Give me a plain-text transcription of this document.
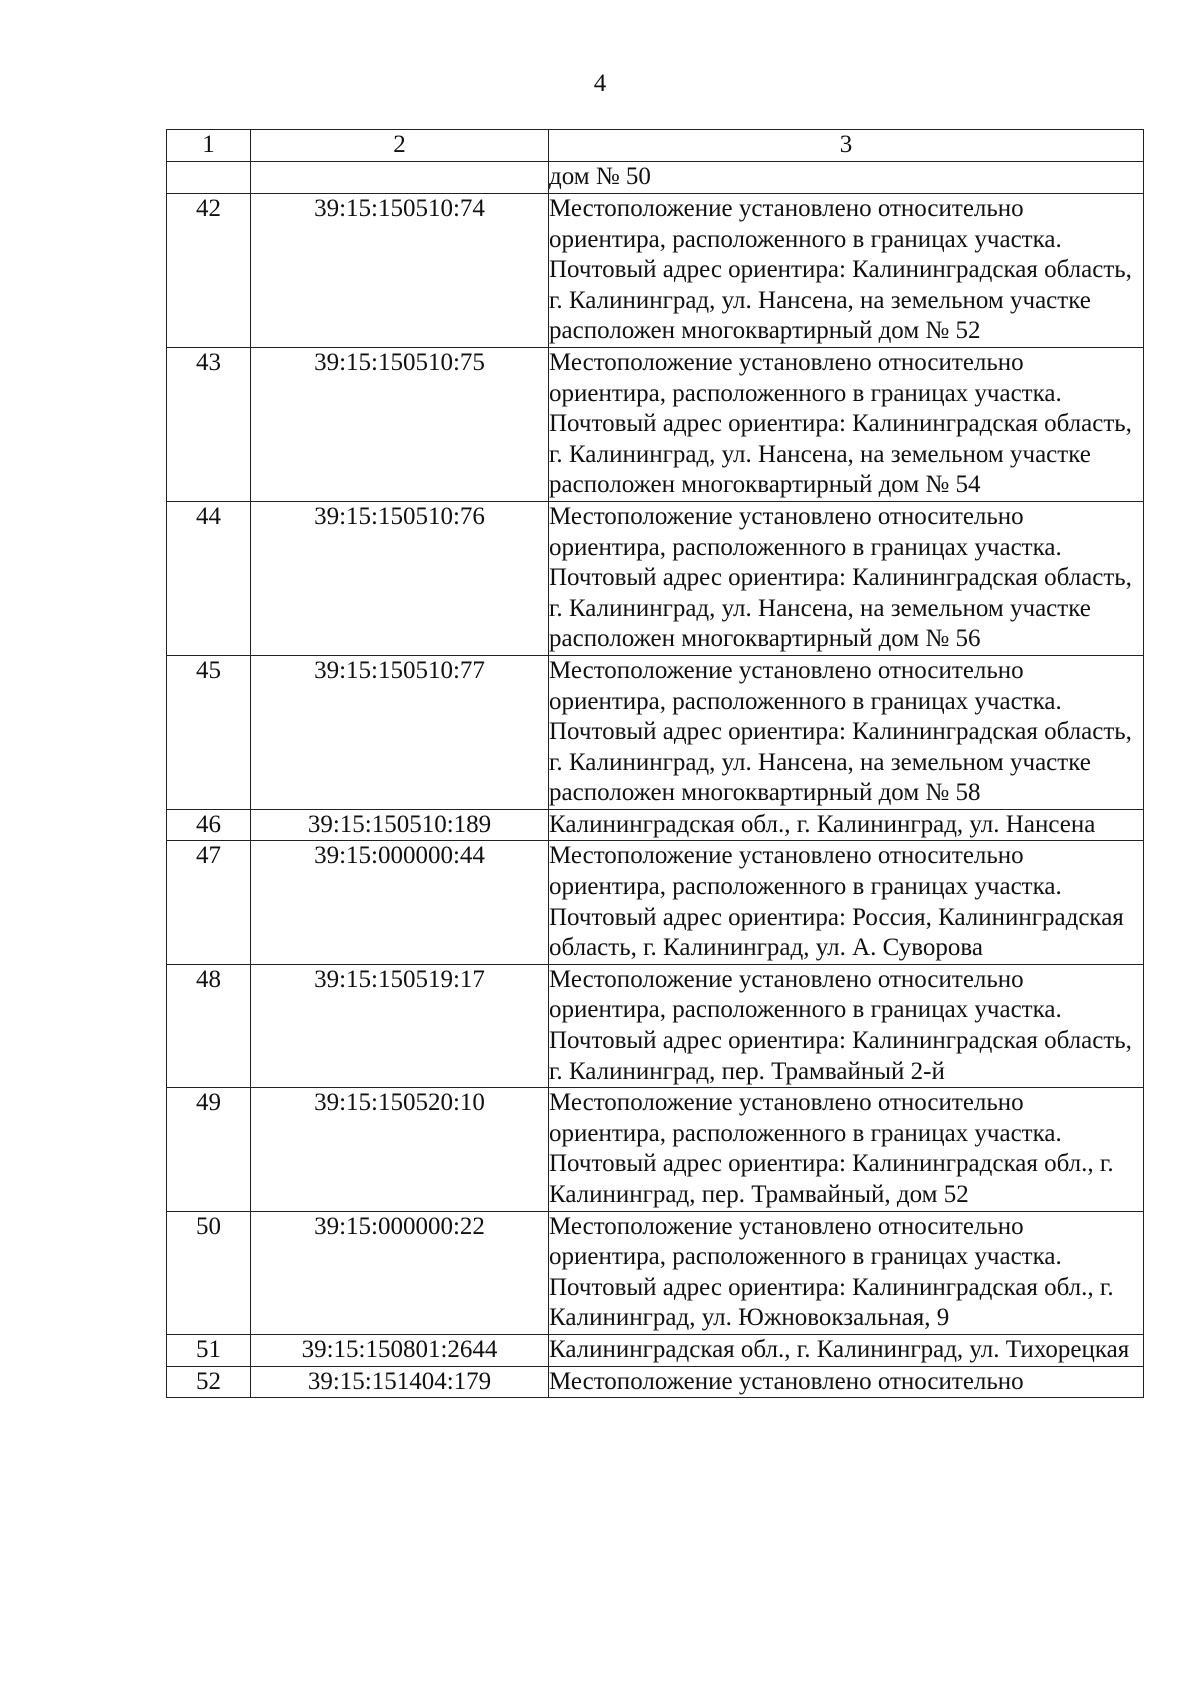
4
1	2	3
		дом № 50
42	39:15:150510:74	Местоположение установлено относительно ориентира, расположенного в границах участка. Почтовый адрес ориентира: Калининградская область, г. Калининград, ул. Нансена, на земельном участке расположен многоквартирный дом № 52
43	39:15:150510:75	Местоположение установлено относительно ориентира, расположенного в границах участка. Почтовый адрес ориентира: Калининградская область, г. Калининград, ул. Нансена, на земельном участке расположен многоквартирный дом № 54
44	39:15:150510:76	Местоположение установлено относительно ориентира, расположенного в границах участка. Почтовый адрес ориентира: Калининградская область, г. Калининград, ул. Нансена, на земельном участке расположен многоквартирный дом № 56
45	39:15:150510:77	Местоположение установлено относительно ориентира, расположенного в границах участка. Почтовый адрес ориентира: Калининградская область, г. Калининград, ул. Нансена, на земельном участке расположен многоквартирный дом № 58
46	39:15:150510:189	Калининградская обл., г. Калининград, ул. Нансена
47	39:15:000000:44	Местоположение установлено относительно ориентира, расположенного в границах участка. Почтовый адрес ориентира: Россия, Калининградская область, г. Калининград, ул. А. Суворова
48	39:15:150519:17	Местоположение установлено относительно ориентира, расположенного в границах участка. Почтовый адрес ориентира: Калининградская область, г. Калининград, пер. Трамвайный 2-й
49	39:15:150520:10	Местоположение установлено относительно ориентира, расположенного в границах участка. Почтовый адрес ориентира: Калининградская обл., г. Калининград, пер. Трамвайный, дом 52
50	39:15:000000:22	Местоположение установлено относительно ориентира, расположенного в границах участка. Почтовый адрес ориентира: Калининградская обл., г. Калининград, ул. Южновокзальная, 9
51	39:15:150801:2644	Калининградская обл., г. Калининград, ул. Тихорецкая
52	39:15:151404:179	Местоположение установлено относительно
